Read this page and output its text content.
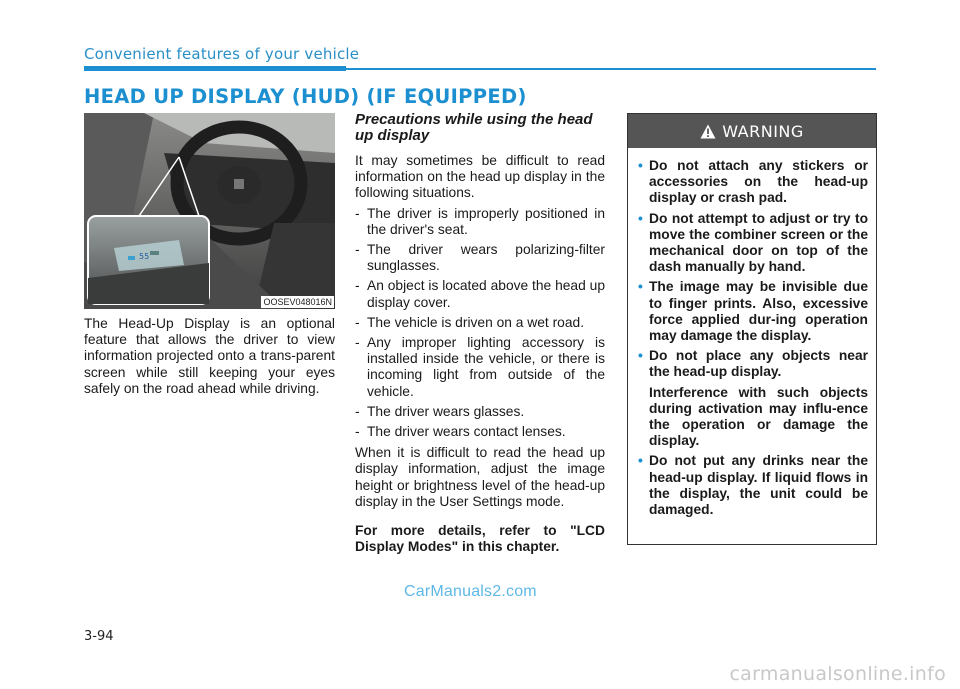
Convenient features of your vehicle
HEAD UP DISPLAY (HUD) (IF EQUIPPED)
55
OOSEV048016N

The Head-Up Display is an optional feature that allows the driver to view information projected onto a trans-parent screen while still keeping your eyes safely on the road ahead while driving.

Precautions while using the head up display

It may sometimes be difficult to read information on the head up display in the following situations.

- The driver is improperly positioned in the driver's seat.
- The driver wears polarizing-filter sunglasses.
- An object is located above the head up display cover.
- The vehicle is driven on a wet road.
- Any improper lighting accessory is installed inside the vehicle, or there is incoming light from outside of the vehicle.
- The driver wears glasses.
- The driver wears contact lenses.

When it is difficult to read the head up display information, adjust the image height or brightness level of the head-up display in the User Settings mode.

For more details, refer to "LCD Display Modes" in this chapter.

WARNING
• Do not attach any stickers or accessories on the head-up display or crash pad.
• Do not attempt to adjust or try to move the combiner screen or the mechanical door on top of the dash manually by hand.
• The image may be invisible due to finger prints. Also, excessive force applied dur-ing operation may damage the display.
• Do not place any objects near the head-up display.
Interference with such objects during activation may influ-ence the operation or damage the display.
• Do not put any drinks near the head-up display. If liquid flows in the display, the unit could be damaged.
CarManuals2.com
3-94
carmanualsonline.info
